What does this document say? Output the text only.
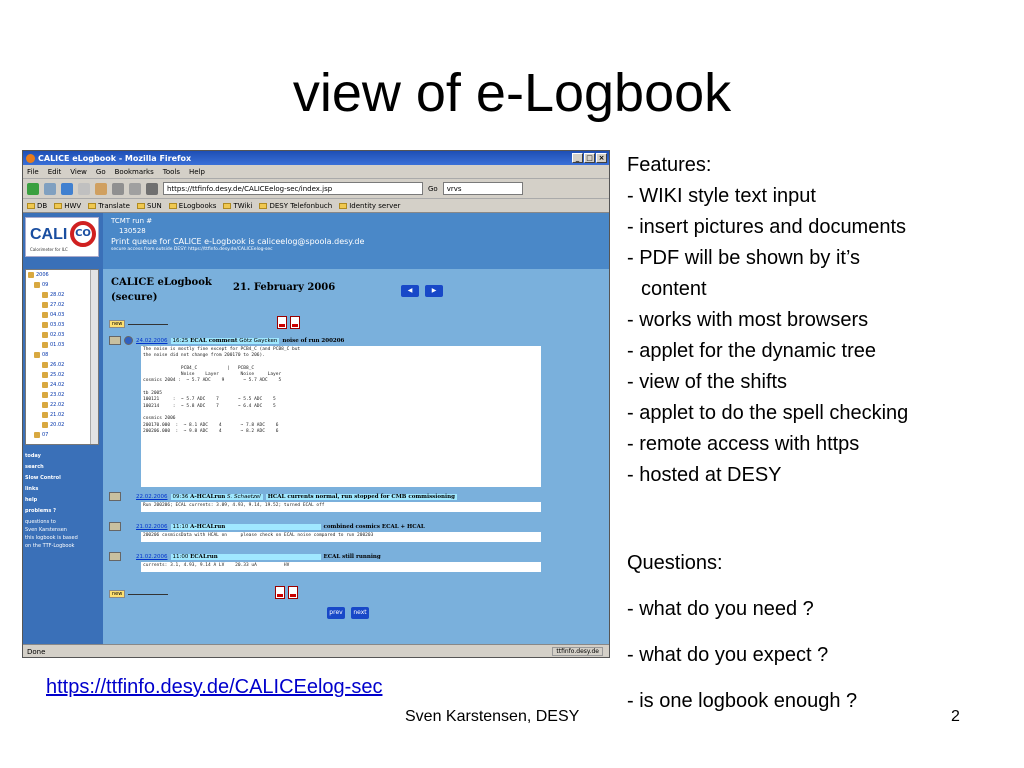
view of e-Logbook
CALICE eLogbook - Mozilla Firefox	_ □ ×
File Edit View Go Bookmarks Tools Help
https://ttfinfo.desy.de/CALICEelog-sec/index.jsp	Go	vrvs
DB HWV Translate SUN ELogbooks TWiki DESY Telefonbuch Identity server
CALI CO
Calorimeter for ILC
2006
09
28.02
27.02
04.03
03.03
02.03
01.03
08
26.02
25.02
24.02
23.02
22.02
21.02
20.02
07
today
search
Slow Control
links
help
problems ?
questions to
Sven Karstensen
this logbook is based
on the TTF-Logbook
TCMT run #
130528
Print queue for CALICE e-Logbook is caliceelog@spoola.desy.de
secure access from outside DESY: https://ttfinfo.desy.de/CALICEelog-sec
CALICE eLogbook
(secure)
21. February 2006	◀	▶
new
24.02.2006 16:25 ECAL comment Götz Gaycken noise of run 200206
The noise is mostly fine except for PCB4_C (and PCB8_C but
the noise did not change from 200170 to 206).

PCB4_C           |   PCB8_C
Noise    Layer        Noise     Layer
cosmics 2004 :  ~ 5.7 ADC    9       ~ 5.7 ADC    5

tb 2005
100121     :  ~ 5.7 ADC    7       ~ 5.5 ADC    5
100214     :  ~ 5.8 ADC    7       ~ 6.4 ADC    5

cosmics 2006
200170.000  :  ~ 8.1 ADC    4       ~ 7.8 ADC    6
200206.000  :  ~ 9.8 ADC    4       ~ 8.2 ADC    6
22.02.2006 09:36 A-HCALrun S. Schaetzel	HCAL currents normal, run stopped for CMB commissioning
Run 200206; ECAL currents: 3.09, 4.93, 9.14, 19.52; turned ECAL off
21.02.2006 11:10 A-HCALrun	combined cosmics ECAL + HCAL
200206 cosmicsData with HCAL on     please check on ECAL noise compared to run 200203
21.02.2006 11:00 ECALrun	ECAL still running
currents: 3.1, 4.93, 9.14 A LV    20.33 uA          HV
new
prev	next
Done	ttfinfo.desy.de
Features:
- WIKI style text input
- insert pictures and documents
- PDF will be shown by it’s
content
- works with most browsers
- applet for the dynamic tree
- view of the shifts
- applet to do the spell checking
- remote access with https
- hosted at DESY
Questions:
- what do you need ?
- what do you expect ?
- is one logbook enough ?
https://ttfinfo.desy.de/CALICEelog-sec
Sven Karstensen, DESY	2
